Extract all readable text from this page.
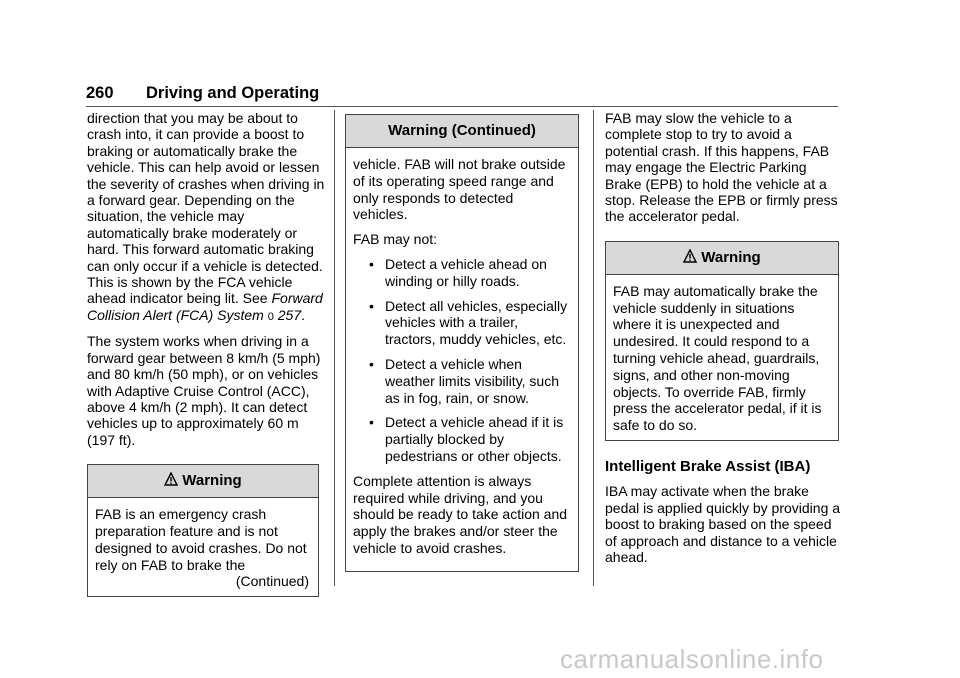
260 Driving and Operating

direction that you may be about to crash into, it can provide a boost to braking or automatically brake the vehicle. This can help avoid or lessen the severity of crashes when driving in a forward gear. Depending on the situation, the vehicle may automatically brake moderately or hard. This forward automatic braking can only occur if a vehicle is detected. This is shown by the FCA vehicle ahead indicator being lit. See Forward Collision Alert (FCA) System 0 257.

The system works when driving in a forward gear between 8 km/h (5 mph) and 80 km/h (50 mph), or on vehicles with Adaptive Cruise Control (ACC), above 4 km/h (2 mph). It can detect vehicles up to approximately 60 m (197 ft).

Warning
FAB is an emergency crash preparation feature and is not designed to avoid crashes. Do not rely on FAB to brake the
(Continued)
Warning (Continued)

vehicle. FAB will not brake outside of its operating speed range and only responds to detected vehicles.

FAB may not:

• Detect a vehicle ahead on winding or hilly roads.
• Detect all vehicles, especially vehicles with a trailer, tractors, muddy vehicles, etc.
• Detect a vehicle when weather limits visibility, such as in fog, rain, or snow.
• Detect a vehicle ahead if it is partially blocked by pedestrians or other objects.

Complete attention is always required while driving, and you should be ready to take action and apply the brakes and/or steer the vehicle to avoid crashes.

FAB may slow the vehicle to a complete stop to try to avoid a potential crash. If this happens, FAB may engage the Electric Parking Brake (EPB) to hold the vehicle at a stop. Release the EPB or firmly press the accelerator pedal.

Warning
FAB may automatically brake the vehicle suddenly in situations where it is unexpected and undesired. It could respond to a turning vehicle ahead, guardrails, signs, and other non-moving objects. To override FAB, firmly press the accelerator pedal, if it is safe to do so.
Intelligent Brake Assist (IBA)

IBA may activate when the brake pedal is applied quickly by providing a boost to braking based on the speed of approach and distance to a vehicle ahead.

carmanualsonline.info
